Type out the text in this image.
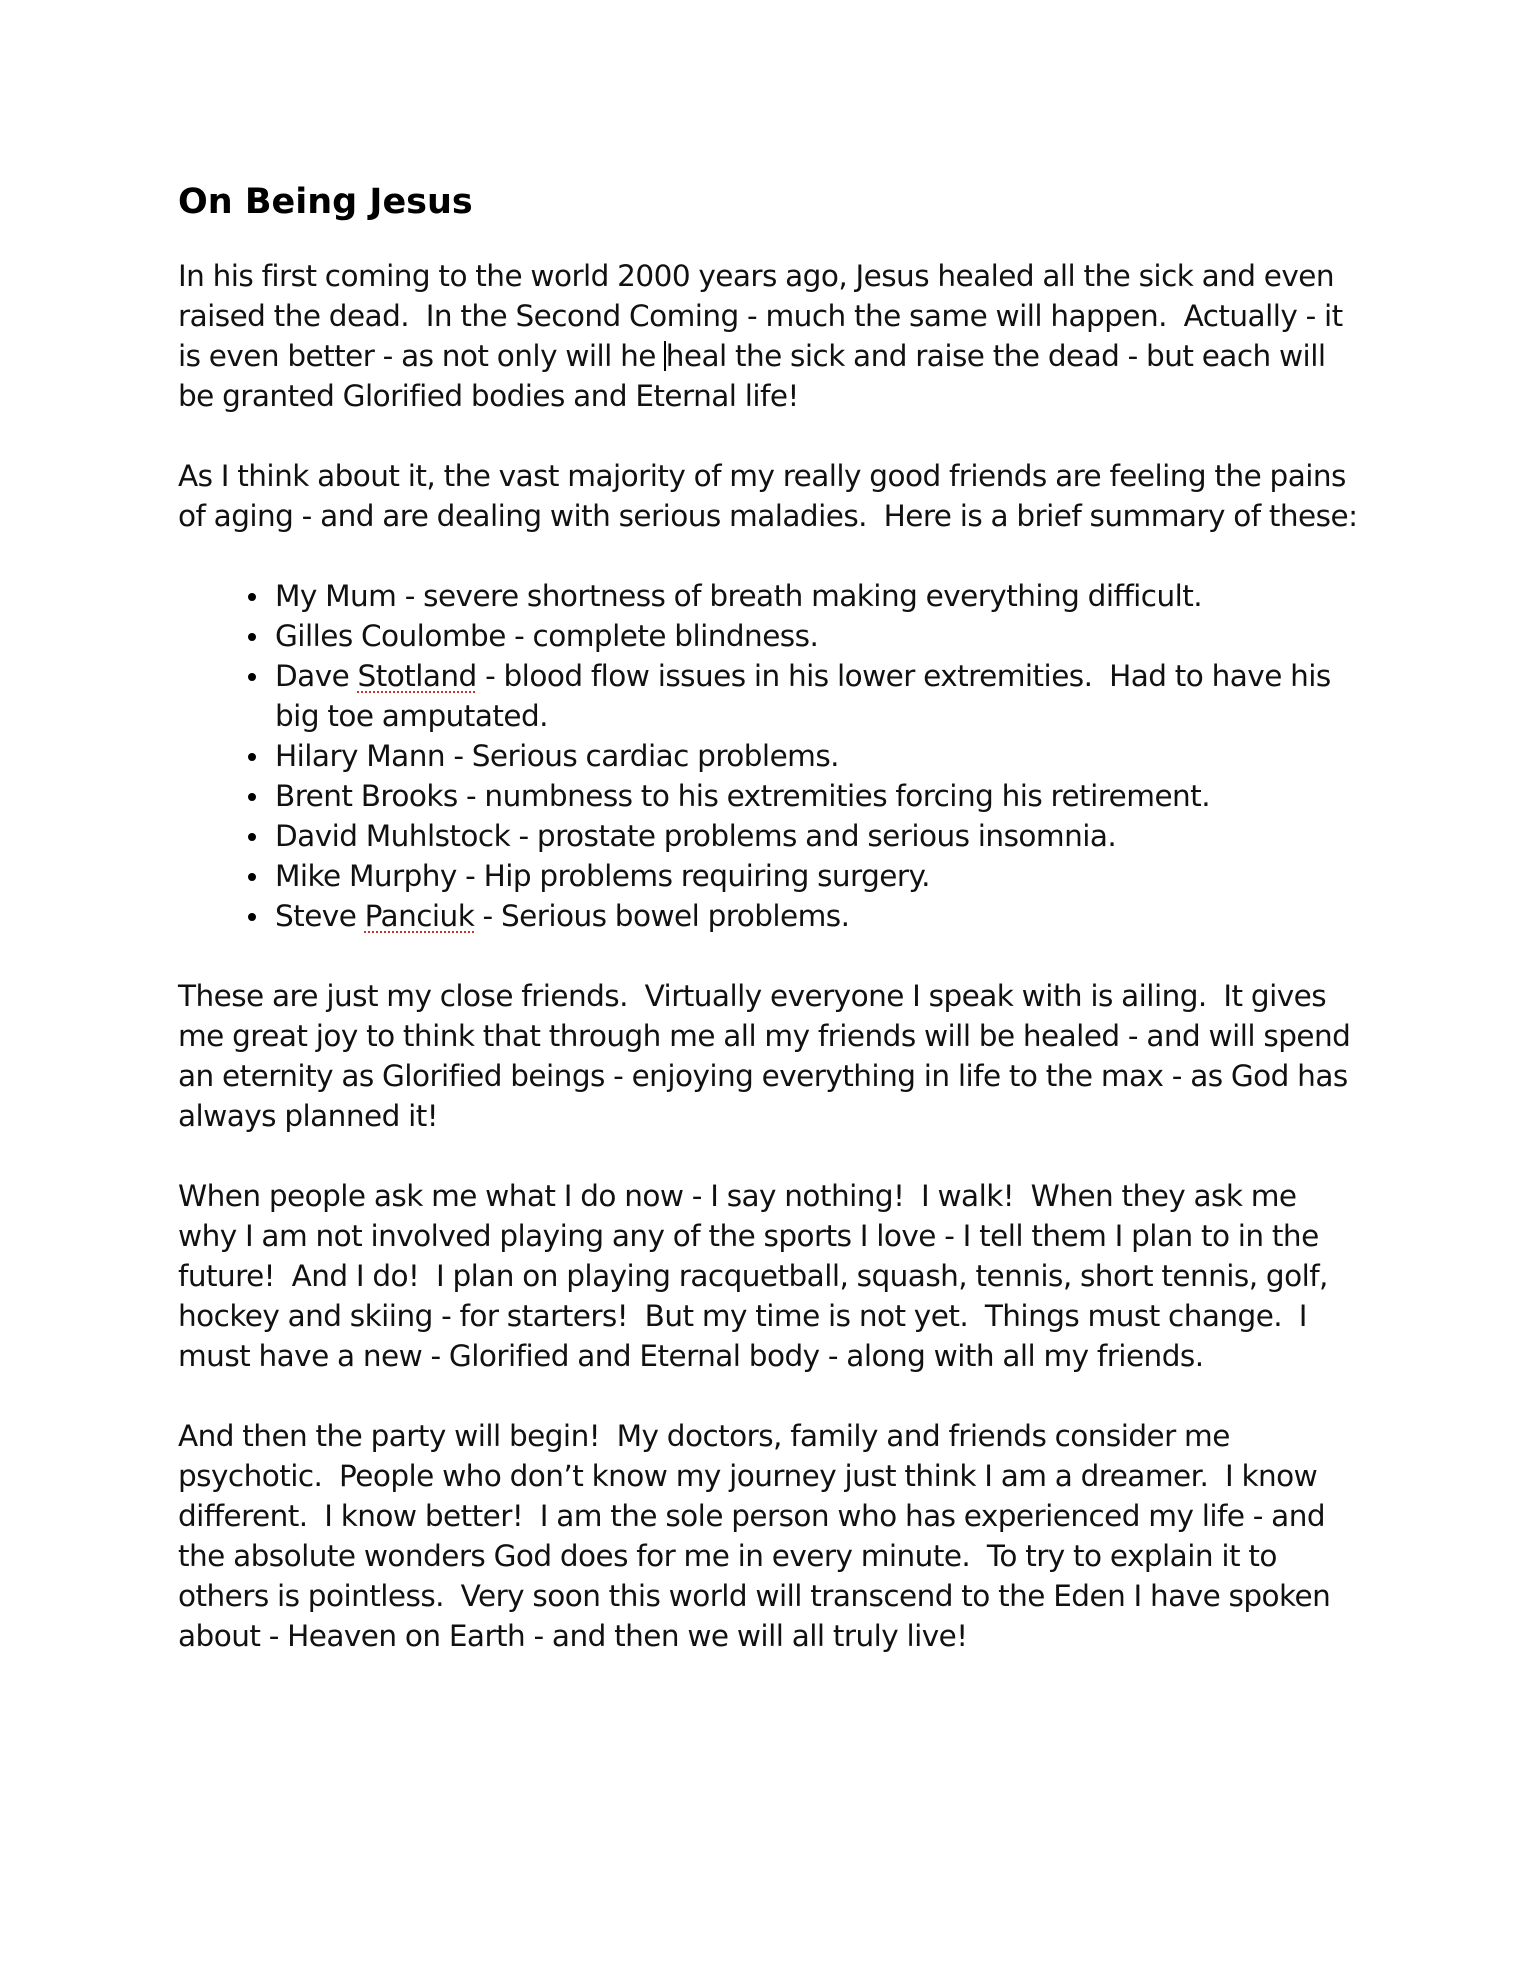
On Being Jesus

In his first coming to the world 2000 years ago, Jesus healed all the sick and even raised the dead.  In the Second Coming - much the same will happen.  Actually - it is even better - as not only will he heal the sick and raise the dead - but each will be granted Glorified bodies and Eternal life!

As I think about it, the vast majority of my really good friends are feeling the pains of aging - and are dealing with serious maladies.  Here is a brief summary of these:

My Mum - severe shortness of breath making everything difficult.
Gilles Coulombe - complete blindness.
Dave Stotland - blood flow issues in his lower extremities.  Had to have his big toe amputated.
Hilary Mann - Serious cardiac problems.
Brent Brooks - numbness to his extremities forcing his retirement.
David Muhlstock - prostate problems and serious insomnia.
Mike Murphy - Hip problems requiring surgery.
Steve Panciuk - Serious bowel problems.

These are just my close friends.  Virtually everyone I speak with is ailing.  It gives me great joy to think that through me all my friends will be healed - and will spend an eternity as Glorified beings - enjoying everything in life to the max - as God has always planned it!

When people ask me what I do now - I say nothing!  I walk!  When they ask me why I am not involved playing any of the sports I love - I tell them I plan to in the future!  And I do!  I plan on playing racquetball, squash, tennis, short tennis, golf, hockey and skiing - for starters!  But my time is not yet.  Things must change.  I must have a new - Glorified and Eternal body - along with all my friends.

And then the party will begin!  My doctors, family and friends consider me psychotic.  People who don’t know my journey just think I am a dreamer.  I know different.  I know better!  I am the sole person who has experienced my life - and the absolute wonders God does for me in every minute.  To try to explain it to others is pointless.  Very soon this world will transcend to the Eden I have spoken about - Heaven on Earth - and then we will all truly live!
